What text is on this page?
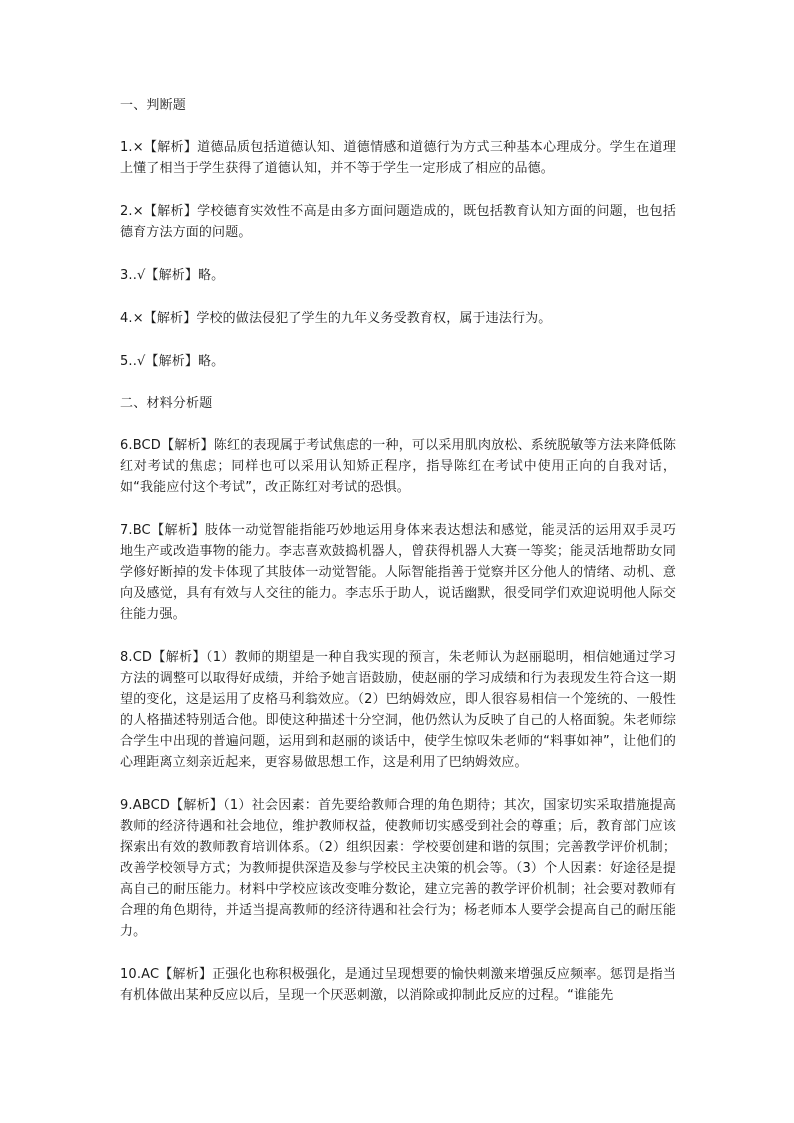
一、判断题

1.×【解析】道德品质包括道德认知、道德情感和道德行为方式三种基本心理成分。学生在道理上懂了相当于学生获得了道德认知，并不等于学生一定形成了相应的品德。

2.×【解析】学校德育实效性不高是由多方面问题造成的，既包括教育认知方面的问题，也包括德育方法方面的问题。

3..√【解析】略。

4.×【解析】学校的做法侵犯了学生的九年义务受教育权，属于违法行为。

5..√【解析】略。

二、材料分析题

6.BCD【解析】陈红的表现属于考试焦虑的一种，可以采用肌肉放松、系统脱敏等方法来降低陈红对考试的焦虑；同样也可以采用认知矫正程序，指导陈红在考试中使用正向的自我对话，如“我能应付这个考试”，改正陈红对考试的恐惧。

7.BC【解析】肢体一动觉智能指能巧妙地运用身体来表达想法和感觉，能灵活的运用双手灵巧地生产或改造事物的能力。李志喜欢鼓捣机器人，曾获得机器人大赛一等奖；能灵活地帮助女同学修好断掉的发卡体现了其肢体一动觉智能。人际智能指善于觉察并区分他人的情绪、动机、意向及感觉，具有有效与人交往的能力。李志乐于助人，说话幽默，很受同学们欢迎说明他人际交往能力强。

8.CD【解析】（1）教师的期望是一种自我实现的预言，朱老师认为赵丽聪明，相信她通过学习方法的调整可以取得好成绩，并给予她言语鼓励，使赵丽的学习成绩和行为表现发生符合这一期望的变化，这是运用了皮格马利翁效应。（2）巴纳姆效应，即人很容易相信一个笼统的、一般性的人格描述特别适合他。即使这种描述十分空洞，他仍然认为反映了自己的人格面貌。朱老师综合学生中出现的普遍问题，运用到和赵丽的谈话中，使学生惊叹朱老师的“料事如神”，让他们的心理距离立刻亲近起来，更容易做思想工作，这是利用了巴纳姆效应。

9.ABCD【解析】（1）社会因素：首先要给教师合理的角色期待；其次，国家切实采取措施提高教师的经济待遇和社会地位，维护教师权益，使教师切实感受到社会的尊重；后，教育部门应该探索出有效的教师教育培训体系。（2）组织因素：学校要创建和谐的氛围；完善教学评价机制；改善学校领导方式；为教师提供深造及参与学校民主决策的机会等。（3）个人因素：好途径是提高自己的耐压能力。材料中学校应该改变唯分数论，建立完善的教学评价机制；社会要对教师有合理的角色期待，并适当提高教师的经济待遇和社会行为；杨老师本人要学会提高自己的耐压能力。

10.AC【解析】正强化也称积极强化，是通过呈现想要的愉快刺激来增强反应频率。惩罚是指当有机体做出某种反应以后，呈现一个厌恶刺激，以消除或抑制此反应的过程。“谁能先
